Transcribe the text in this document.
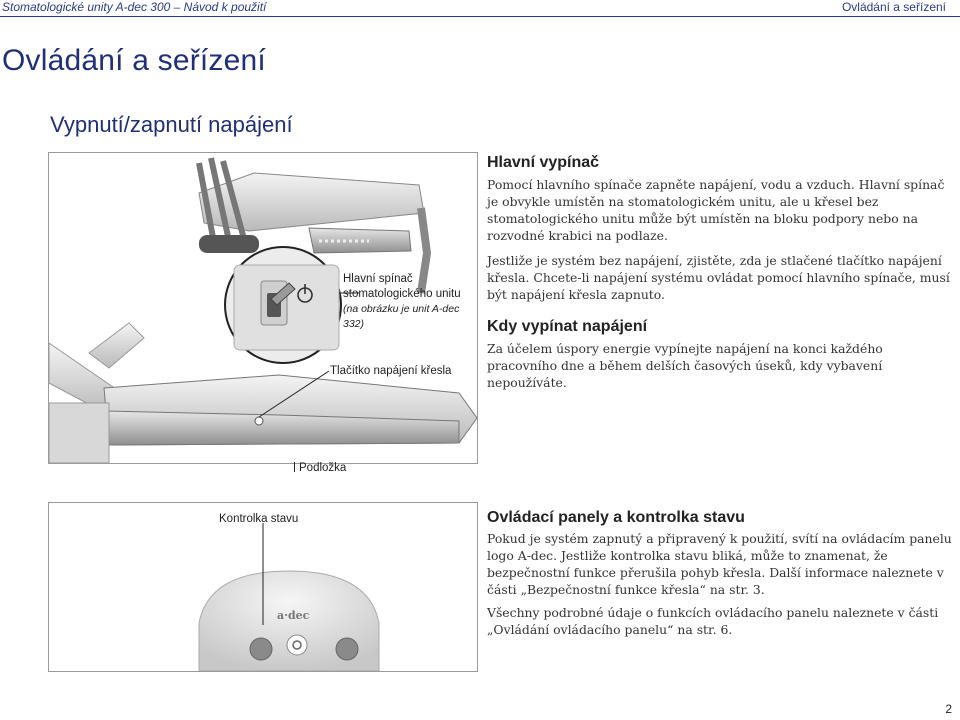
Stomatologické unity A-dec 300 – Návod k použití	Ovládání a seřízení
Ovládání a seřízení
Vypnutí/zapnutí napájení
Hlavní spínač
stomatologického unitu
(na obrázku je unit A-dec 332)
Tlačítko napájení křesla
Podložka
Hlavní vypínač

Pomocí hlavního spínače zapněte napájení, vodu a vzduch. Hlavní spínač je obvykle umístěn na stomatologickém unitu, ale u křesel bez stomatologického unitu může být umístěn na bloku podpory nebo na rozvodné krabici na podlaze.

Jestliže je systém bez napájení, zjistěte, zda je stlačené tlačítko napájení křesla. Chcete-li napájení systému ovládat pomocí hlavního spínače, musí být napájení křesla zapnuto.

Kdy vypínat napájení

Za účelem úspory energie vypínejte napájení na konci každého pracovního dne a během delších časových úseků, kdy vybavení nepoužíváte.

a·dec
Kontrolka stavu	Ovládací panely a kontrolka stavu

Pokud je systém zapnutý a připravený k použití, svítí na ovládacím panelu logo A-dec. Jestliže kontrolka stavu bliká, může to znamenat, že bezpečnostní funkce přerušila pohyb křesla. Další informace naleznete v části „Bezpečnostní funkce křesla“ na str. 3.

Všechny podrobné údaje o funkcích ovládacího panelu naleznete v části „Ovládání ovládacího panelu“ na str. 6.

2
